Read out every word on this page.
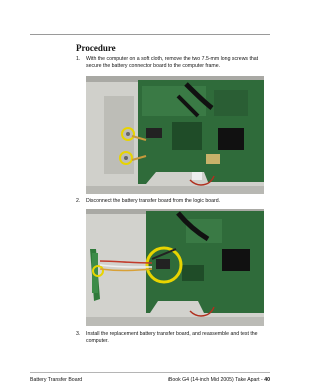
Procedure
1. With the computer on a soft cloth, remove the two 7.5-mm long screws that secure the battery connector board to the computer frame.
2. Disconnect the battery transfer board from the logic board.
3. Install the replacement battery transfer board, and reassemble and test the computer.
Battery Transfer Board	iBook G4 (14-inch Mid 2005) Take Apart - 40
